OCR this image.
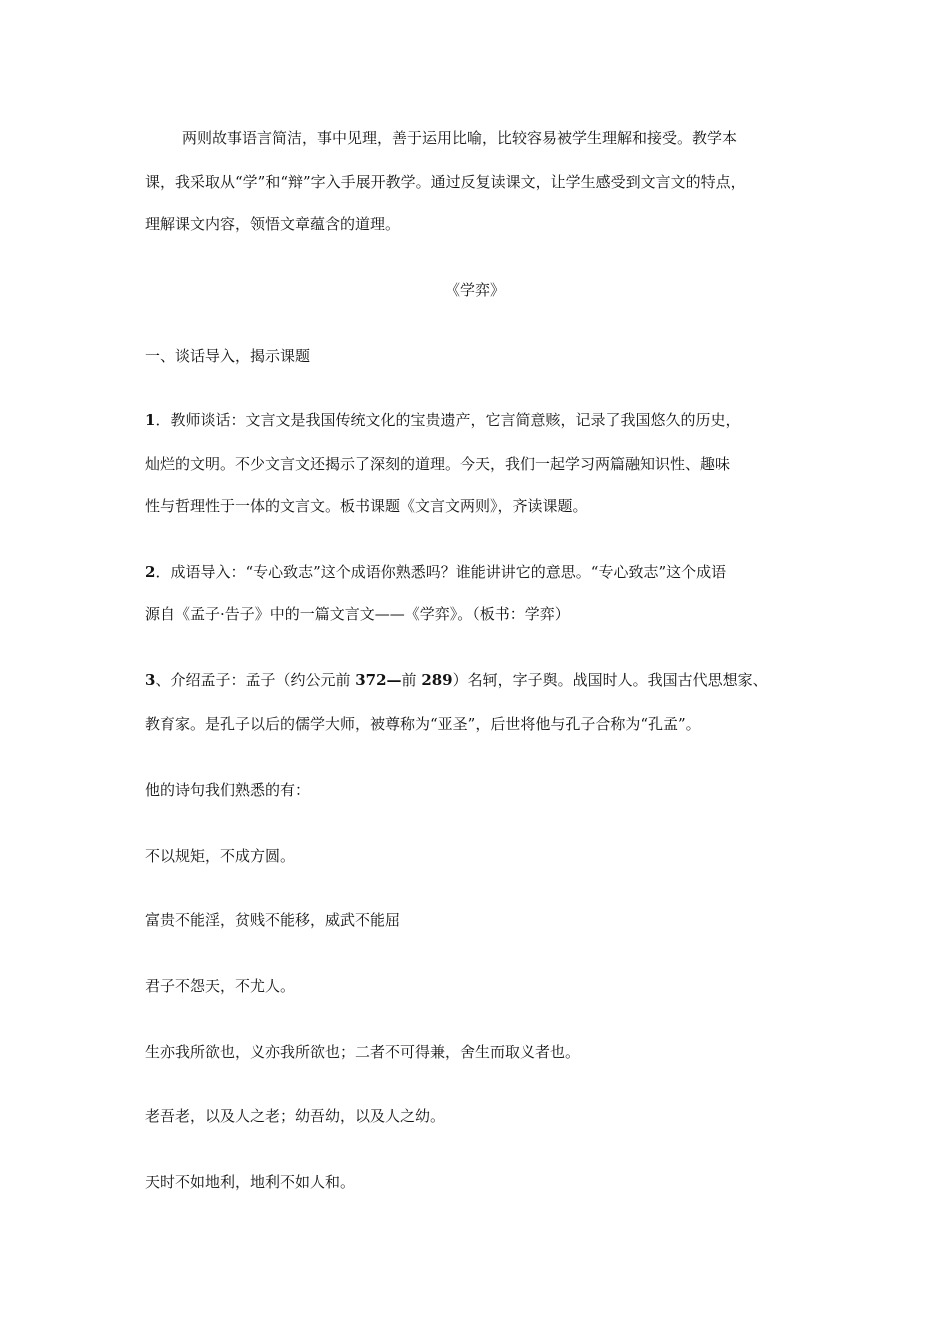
两则故事语言简洁，事中见理，善于运用比喻，比较容易被学生理解和接受。教学本
课，我采取从“学”和“辩”字入手展开教学。通过反复读课文，让学生感受到文言文的特点，
理解课文内容，领悟文章蕴含的道理。
《学弈》
一、谈话导入，揭示课题
1．教师谈话：文言文是我国传统文化的宝贵遗产，它言简意赅，记录了我国悠久的历史，
灿烂的文明。不少文言文还揭示了深刻的道理。今天，我们一起学习两篇融知识性、趣味
性与哲理性于一体的文言文。板书课题《文言文两则》，齐读课题。
2．成语导入：“专心致志”这个成语你熟悉吗？谁能讲讲它的意思。“专心致志”这个成语
源自《孟子·告子》中的一篇文言文——《学弈》。（板书：学弈）
3、介绍孟子：孟子（约公元前 372—前 289）名轲，字子舆。战国时人。我国古代思想家、
教育家。是孔子以后的儒学大师，被尊称为“亚圣”，后世将他与孔子合称为“孔孟”。
他的诗句我们熟悉的有：
不以规矩，不成方圆。
富贵不能淫，贫贱不能移，威武不能屈
君子不怨天，不尤人。
生亦我所欲也，义亦我所欲也；二者不可得兼，舍生而取义者也。
老吾老，以及人之老；幼吾幼，以及人之幼。
天时不如地利，地利不如人和。
